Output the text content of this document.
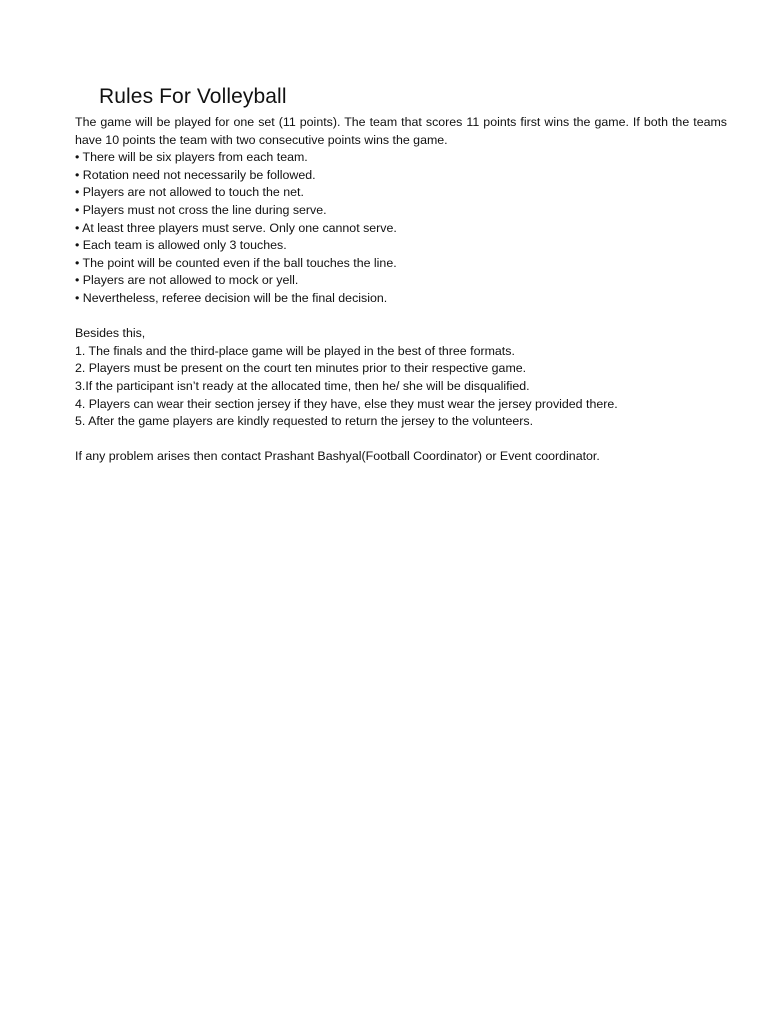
Rules For Volleyball

The game will be played for one set (11 points). The team that scores 11 points first wins the game. If both the teams have 10 points the team with two consecutive points wins the game.

• There will be six players from each team.
• Rotation need not necessarily be followed.
• Players are not allowed to touch the net.
• Players must not cross the line during serve.
• At least three players must serve. Only one cannot serve.
• Each team is allowed only 3 touches.
• The point will be counted even if the ball touches the line.
• Players are not allowed to mock or yell.
• Nevertheless, referee decision will be the final decision.

Besides this,

1. The finals and the third-place game will be played in the best of three formats.
2. Players must be present on the court ten minutes prior to their respective game.
3.If the participant isn’t ready at the allocated time, then he/ she will be disqualified.
4. Players can wear their section jersey if they have, else they must wear the jersey provided there.
5. After the game players are kindly requested to return the jersey to the volunteers.

If any problem arises then contact Prashant Bashyal(Football Coordinator) or Event coordinator.
